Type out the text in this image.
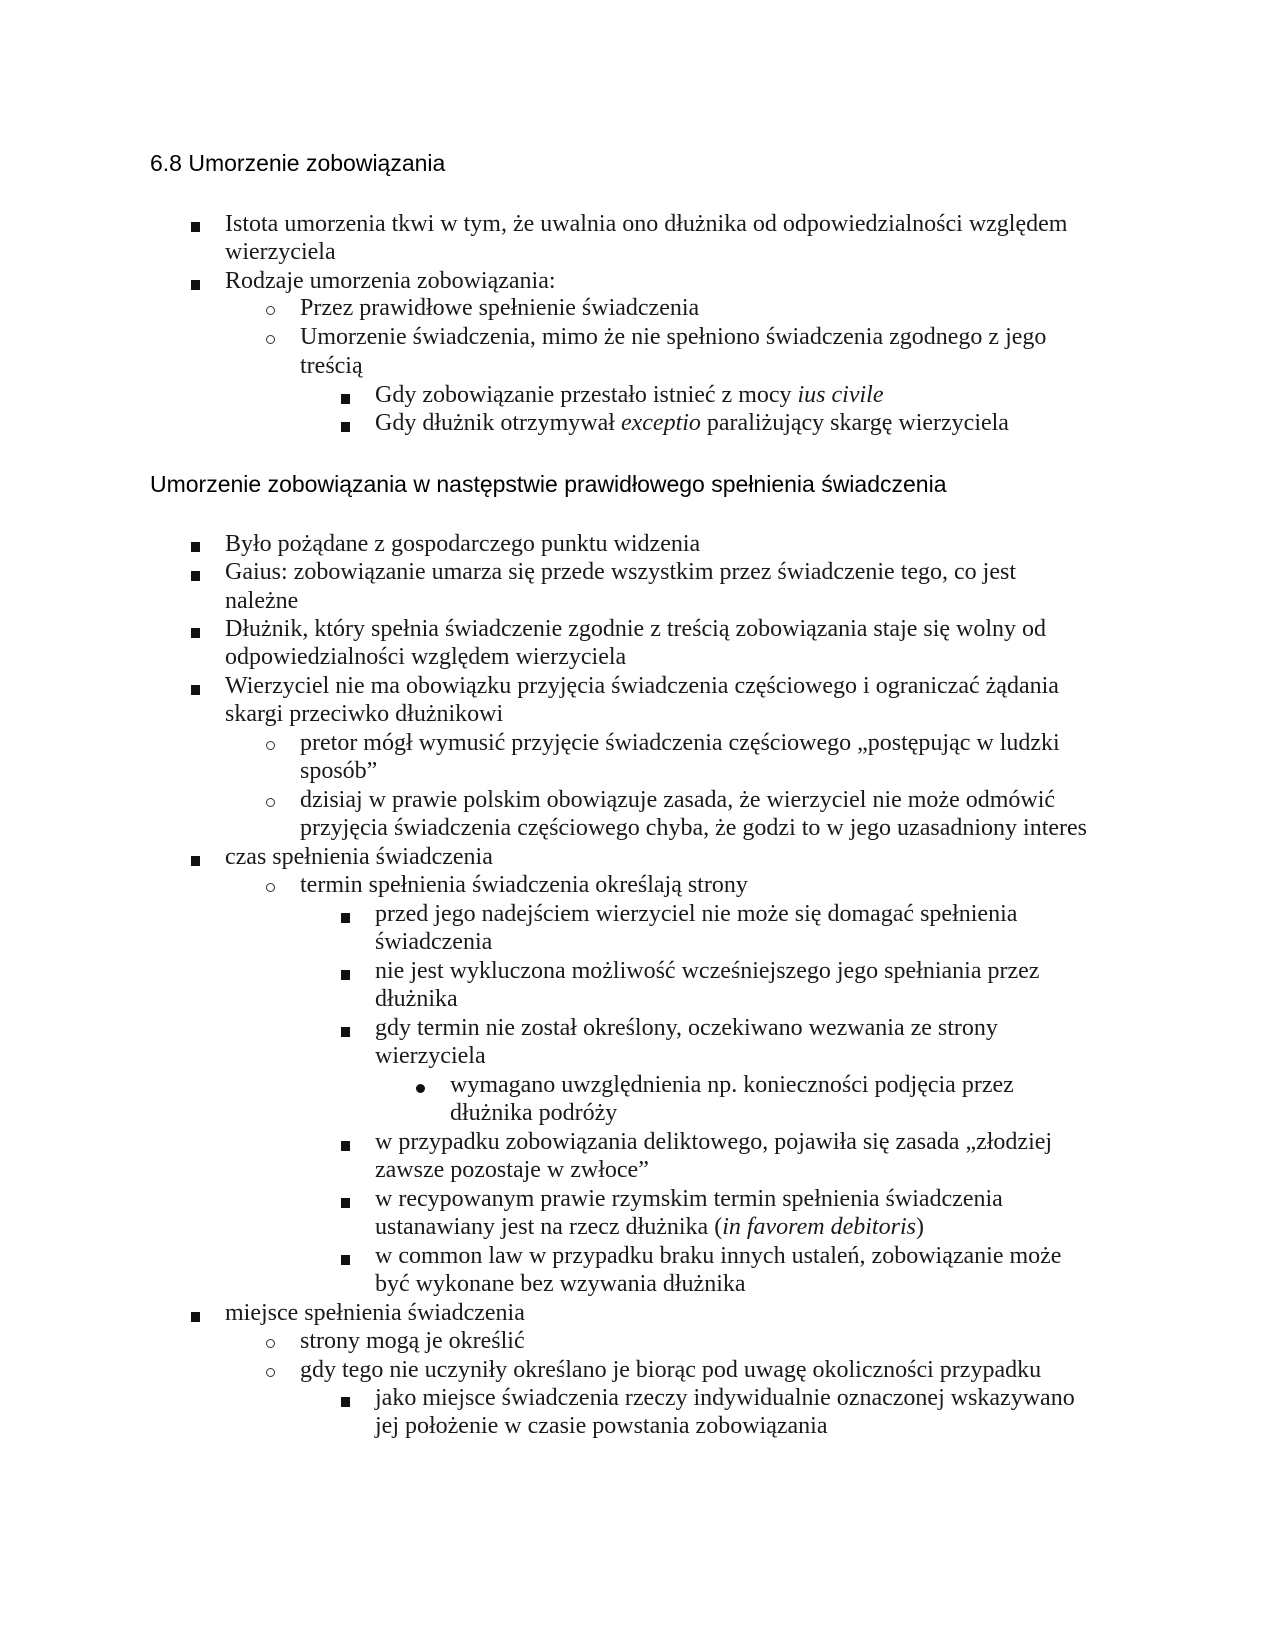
6.8 Umorzenie zobowiązania

Istota umorzenia tkwi w tym, że uwalnia ono dłużnika od odpowiedzialności względem

wierzyciela

Rodzaje umorzenia zobowiązania:

Przez prawidłowe spełnienie świadczenia

Umorzenie świadczenia, mimo że nie spełniono świadczenia zgodnego z jego

treścią

Gdy zobowiązanie przestało istnieć z mocy ius civile

Gdy dłużnik otrzymywał exceptio paraliżujący skargę wierzyciela

Umorzenie zobowiązania w następstwie prawidłowego spełnienia świadczenia

Było pożądane z gospodarczego punktu widzenia

Gaius: zobowiązanie umarza się przede wszystkim przez świadczenie tego, co jest

należne

Dłużnik, który spełnia świadczenie zgodnie z treścią zobowiązania staje się wolny od

odpowiedzialności względem wierzyciela

Wierzyciel nie ma obowiązku przyjęcia świadczenia częściowego i ograniczać żądania

skargi przeciwko dłużnikowi

pretor mógł wymusić przyjęcie świadczenia częściowego „postępując w ludzki

sposób”

dzisiaj w prawie polskim obowiązuje zasada, że wierzyciel nie może odmówić

przyjęcia świadczenia częściowego chyba, że godzi to w jego uzasadniony interes

czas spełnienia świadczenia

termin spełnienia świadczenia określają strony

przed jego nadejściem wierzyciel nie może się domagać spełnienia

świadczenia

nie jest wykluczona możliwość wcześniejszego jego spełniania przez

dłużnika

gdy termin nie został określony, oczekiwano wezwania ze strony

wierzyciela

wymagano uwzględnienia np. konieczności podjęcia przez

dłużnika podróży

w przypadku zobowiązania deliktowego, pojawiła się zasada „złodziej

zawsze pozostaje w zwłoce”

w recypowanym prawie rzymskim termin spełnienia świadczenia

ustanawiany jest na rzecz dłużnika (in favorem debitoris)

w common law w przypadku braku innych ustaleń, zobowiązanie może

być wykonane bez wzywania dłużnika

miejsce spełnienia świadczenia

strony mogą je określić

gdy tego nie uczyniły określano je biorąc pod uwagę okoliczności przypadku

jako miejsce świadczenia rzeczy indywidualnie oznaczonej wskazywano

jej położenie w czasie powstania zobowiązania
